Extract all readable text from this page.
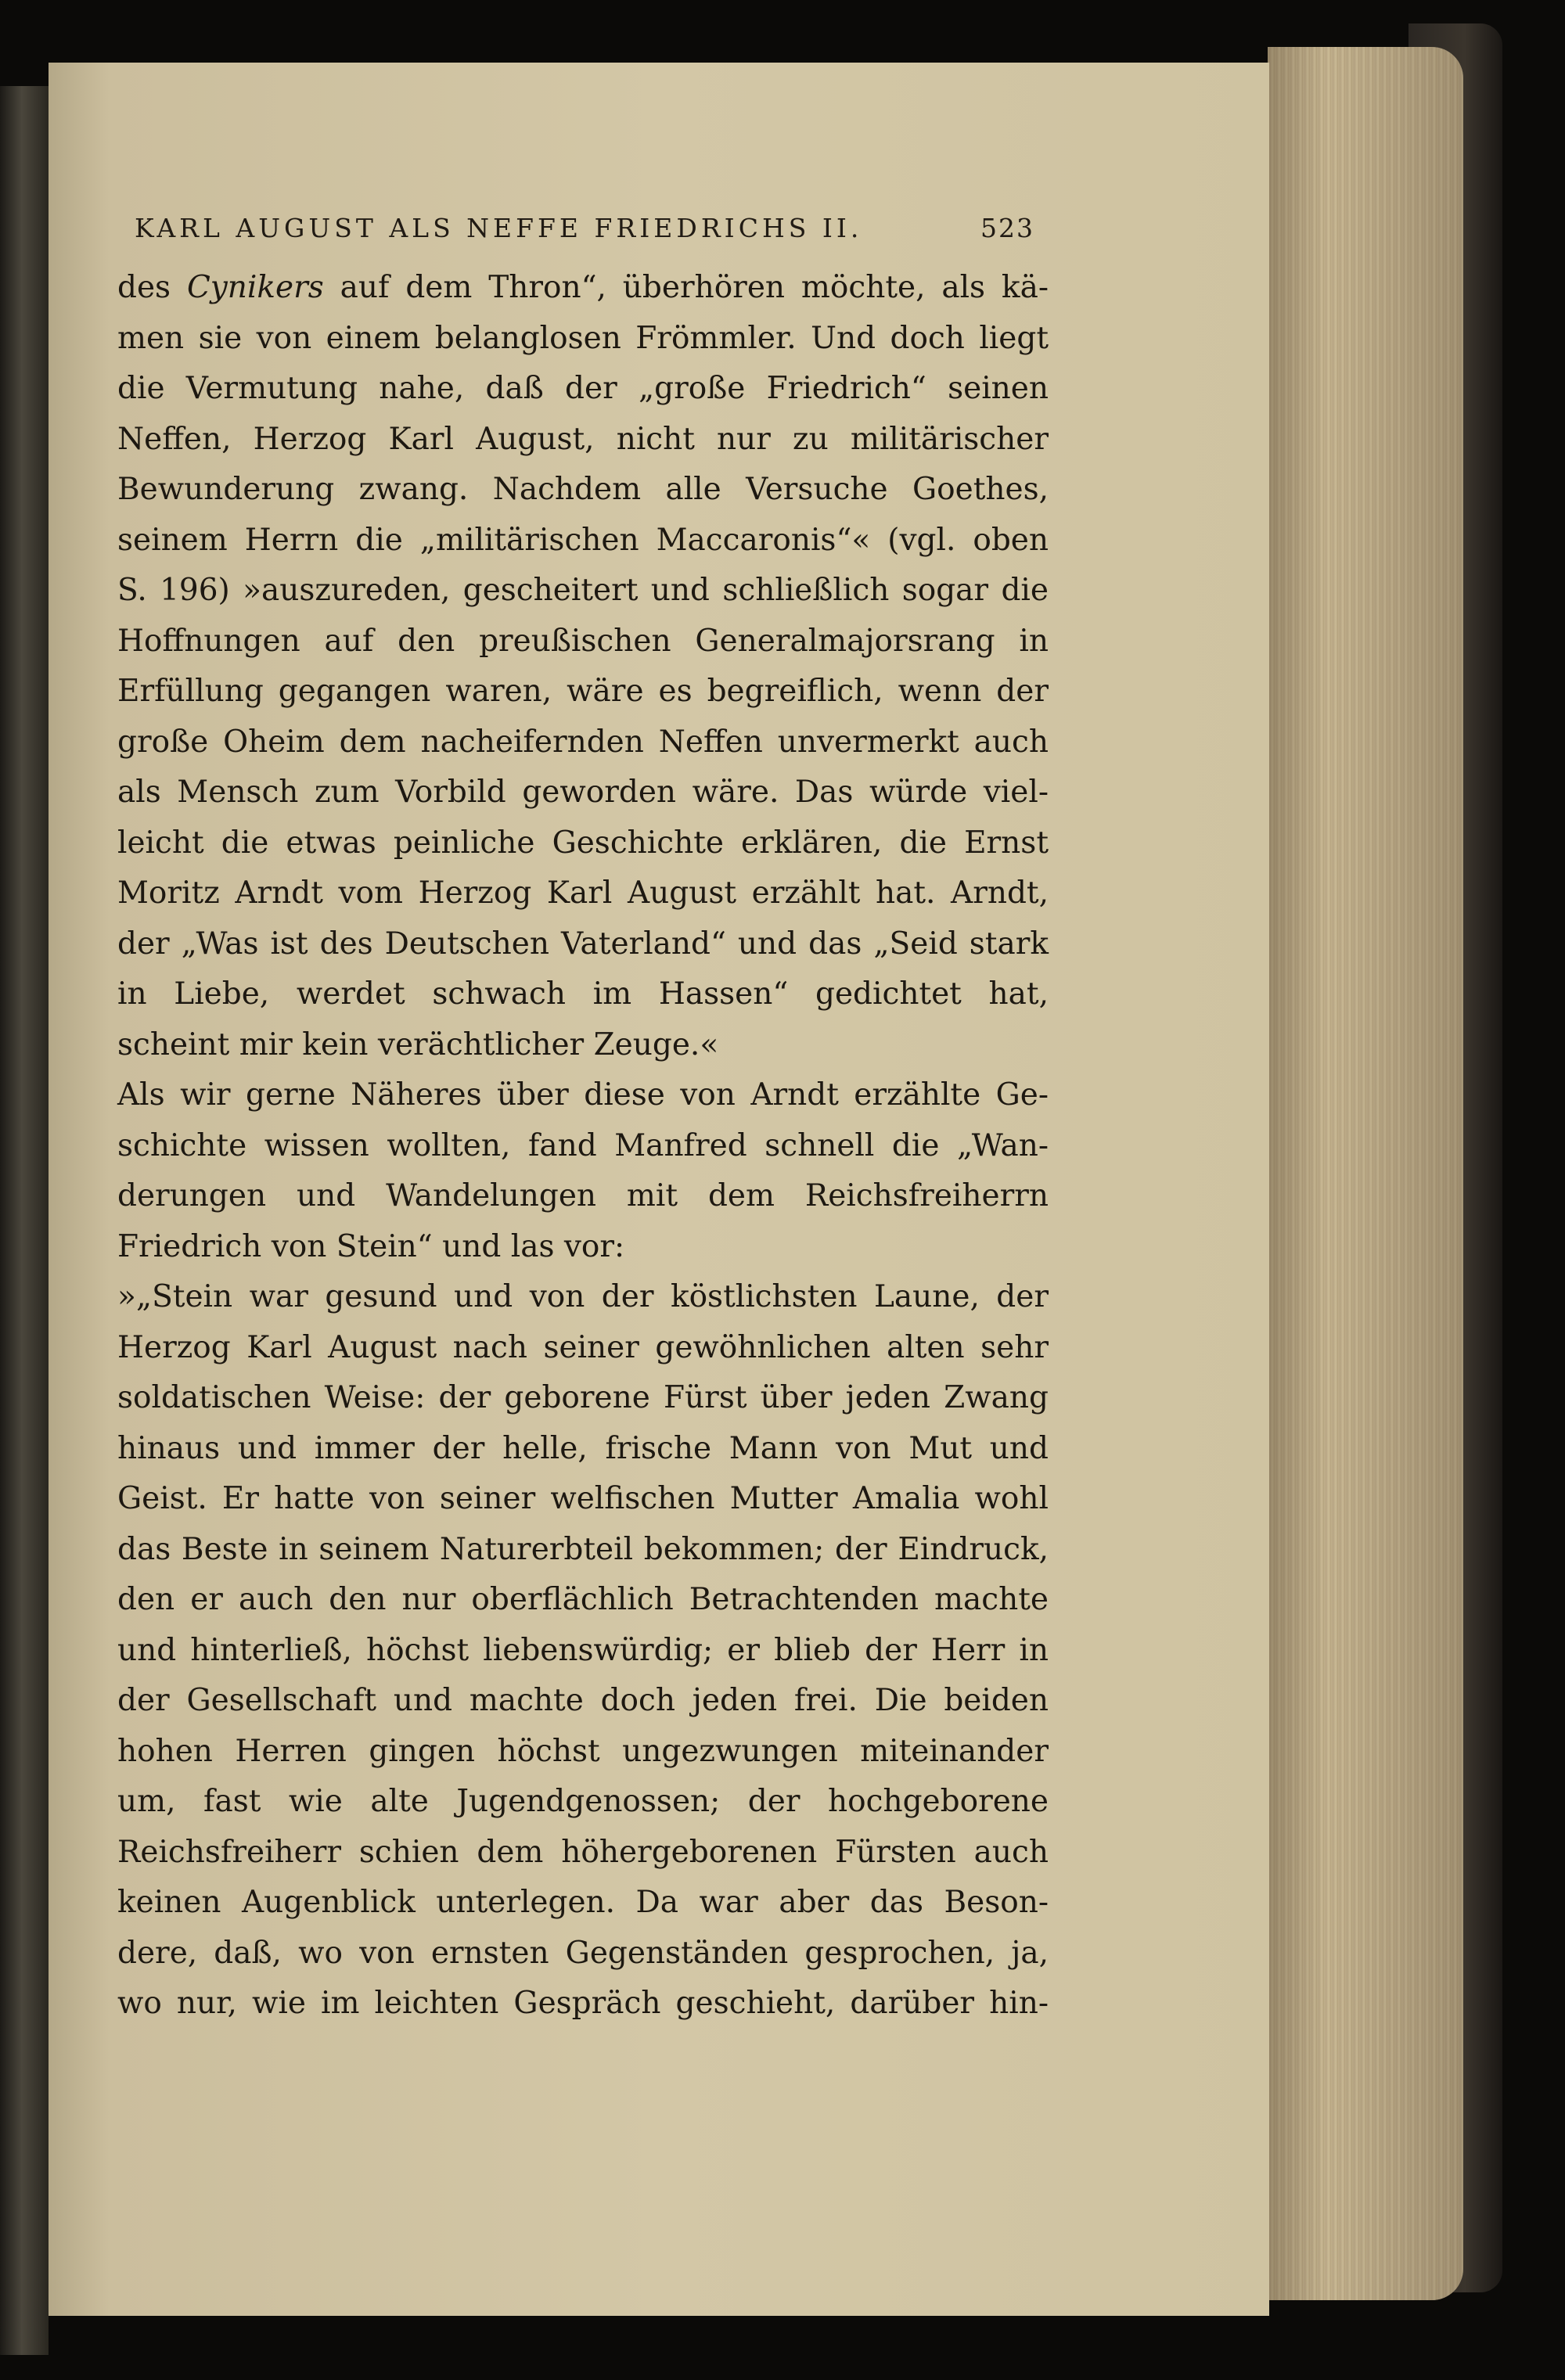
KARL AUGUST ALS NEFFE FRIEDRICHS II.	523
des Cynikers auf dem Thron“, überhören möchte, als kä-
men sie von einem belanglosen Frömmler. Und doch liegt
die Vermutung nahe, daß der „große Friedrich“ seinen
Neffen, Herzog Karl August, nicht nur zu militärischer
Bewunderung zwang. Nachdem alle Versuche Goethes,
seinem Herrn die „militärischen Maccaronis“« (vgl. oben
S. 196) »auszureden, gescheitert und schließlich sogar die
Hoffnungen auf den preußischen Generalmajorsrang in
Erfüllung gegangen waren, wäre es begreiflich, wenn der
große Oheim dem nacheifernden Neffen unvermerkt auch
als Mensch zum Vorbild geworden wäre. Das würde viel-
leicht die etwas peinliche Geschichte erklären, die Ernst
Moritz Arndt vom Herzog Karl August erzählt hat. Arndt,
der „Was ist des Deutschen Vaterland“ und das „Seid stark
in Liebe, werdet schwach im Hassen“ gedichtet hat,
scheint mir kein verächtlicher Zeuge.«
Als wir gerne Näheres über diese von Arndt erzählte Ge-
schichte wissen wollten, fand Manfred schnell die „Wan-
derungen und Wandelungen mit dem Reichsfreiherrn
Friedrich von Stein“ und las vor:
»„Stein war gesund und von der köstlichsten Laune, der
Herzog Karl August nach seiner gewöhnlichen alten sehr
soldatischen Weise: der geborene Fürst über jeden Zwang
hinaus und immer der helle, frische Mann von Mut und
Geist. Er hatte von seiner welfischen Mutter Amalia wohl
das Beste in seinem Naturerbteil bekommen; der Eindruck,
den er auch den nur oberflächlich Betrachtenden machte
und hinterließ, höchst liebenswürdig; er blieb der Herr in
der Gesellschaft und machte doch jeden frei. Die beiden
hohen Herren gingen höchst ungezwungen miteinander
um, fast wie alte Jugendgenossen; der hochgeborene
Reichsfreiherr schien dem höhergeborenen Fürsten auch
keinen Augenblick unterlegen. Da war aber das Beson-
dere, daß, wo von ernsten Gegenständen gesprochen, ja,
wo nur, wie im leichten Gespräch geschieht, darüber hin-
